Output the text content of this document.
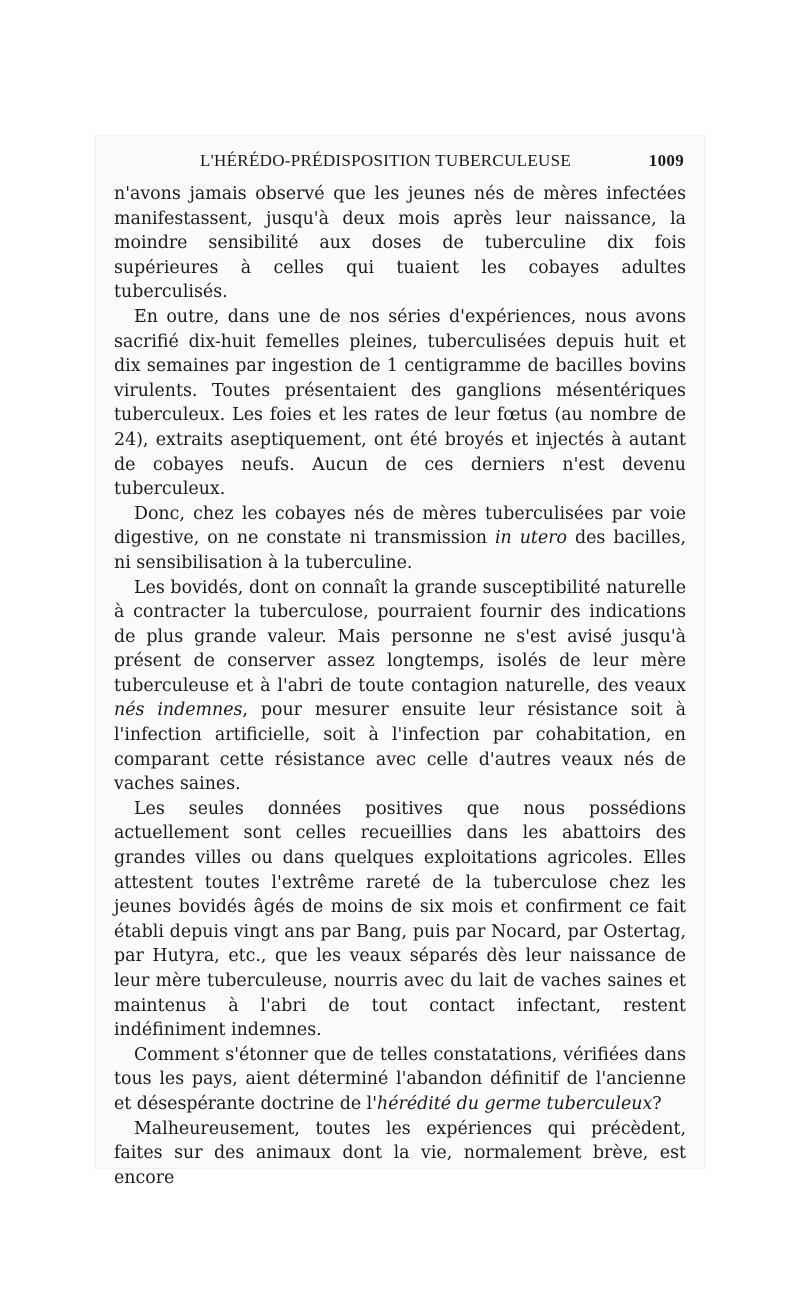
L'HÉRÉDO-PRÉDISPOSITION TUBERCULEUSE	1009

n'avons jamais observé que les jeunes nés de mères infectées manifestassent, jusqu'à deux mois après leur naissance, la moindre sensibilité aux doses de tuberculine dix fois supérieures à celles qui tuaient les cobayes adultes tuberculisés.

En outre, dans une de nos séries d'expériences, nous avons sacrifié dix-huit femelles pleines, tuberculisées depuis huit et dix semaines par ingestion de 1 centigramme de bacilles bovins virulents. Toutes présentaient des ganglions mésentériques tuberculeux. Les foies et les rates de leur fœtus (au nombre de 24), extraits aseptiquement, ont été broyés et injectés à autant de cobayes neufs. Aucun de ces derniers n'est devenu tuberculeux.

Donc, chez les cobayes nés de mères tuberculisées par voie digestive, on ne constate ni transmission in utero des bacilles, ni sensibilisation à la tuberculine.

Les bovidés, dont on connaît la grande susceptibilité naturelle à contracter la tuberculose, pourraient fournir des indications de plus grande valeur. Mais personne ne s'est avisé jusqu'à présent de conserver assez longtemps, isolés de leur mère tuberculeuse et à l'abri de toute contagion naturelle, des veaux nés indemnes, pour mesurer ensuite leur résistance soit à l'infection artificielle, soit à l'infection par cohabitation, en comparant cette résistance avec celle d'autres veaux nés de vaches saines.

Les seules données positives que nous possédions actuellement sont celles recueillies dans les abattoirs des grandes villes ou dans quelques exploitations agricoles. Elles attestent toutes l'extrême rareté de la tuberculose chez les jeunes bovidés âgés de moins de six mois et confirment ce fait établi depuis vingt ans par Bang, puis par Nocard, par Ostertag, par Hutyra, etc., que les veaux séparés dès leur naissance de leur mère tuberculeuse, nourris avec du lait de vaches saines et maintenus à l'abri de tout contact infectant, restent indéfiniment indemnes.

Comment s'étonner que de telles constatations, vérifiées dans tous les pays, aient déterminé l'abandon définitif de l'ancienne et désespérante doctrine de l'hérédité du germe tuberculeux?

Malheureusement, toutes les expériences qui précèdent, faites sur des animaux dont la vie, normalement brève, est encore
